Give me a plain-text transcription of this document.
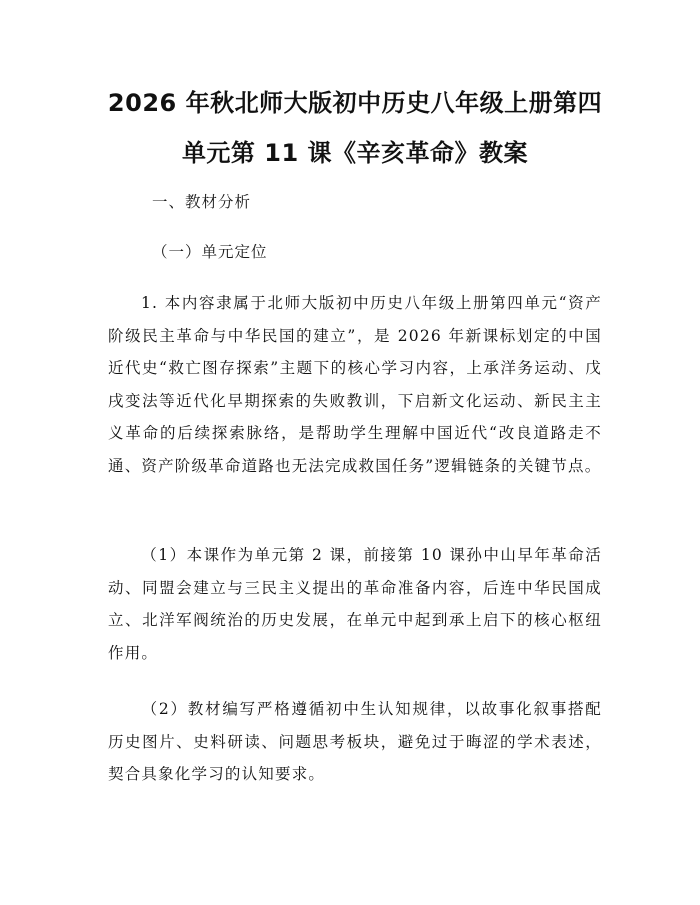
2026 年秋北师大版初中历史八年级上册第四
单元第 11 课《辛亥革命》教案
一、教材分析
（一）单元定位

1. 本内容隶属于北师大版初中历史八年级上册第四单元“资产阶级民主革命与中华民国的建立”，是 2026 年新课标划定的中国近代史“救亡图存探索”主题下的核心学习内容，上承洋务运动、戊戌变法等近代化早期探索的失败教训，下启新文化运动、新民主主义革命的后续探索脉络，是帮助学生理解中国近代“改良道路走不通、资产阶级革命道路也无法完成救国任务”逻辑链条的关键节点。

（1）本课作为单元第 2 课，前接第 10 课孙中山早年革命活动、同盟会建立与三民主义提出的革命准备内容，后连中华民国成立、北洋军阀统治的历史发展，在单元中起到承上启下的核心枢纽作用。

（2）教材编写严格遵循初中生认知规律，以故事化叙事搭配历史图片、史料研读、问题思考板块，避免过于晦涩的学术表述，契合具象化学习的认知要求。
